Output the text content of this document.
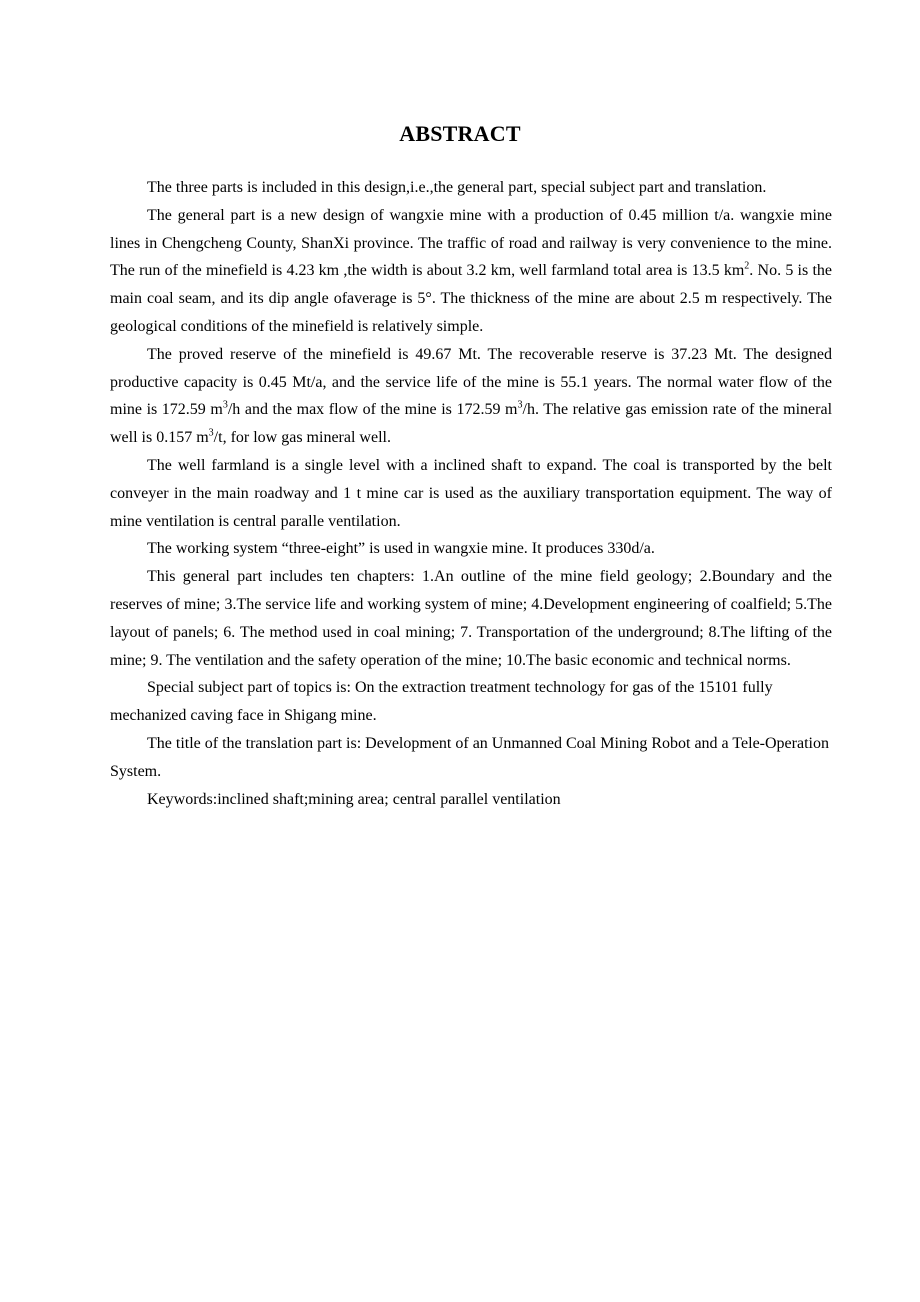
ABSTRACT

The three parts is included in this design,i.e.,the general part, special subject part and translation.

The general part is a new design of wangxie mine with a production of 0.45 million t/a. wangxie mine lines in Chengcheng County, ShanXi province. The traffic of road and railway is very convenience to the mine. The run of the minefield is 4.23 km ,the width is about 3.2 km, well farmland total area is 13.5 $km^2$. No. 5 is the main coal seam, and its dip angle ofaverage is 5°. The thickness of the mine are about 2.5 m respectively. The geological conditions of the minefield is relatively simple.

The proved reserve of the minefield is 49.67 Mt. The recoverable reserve is 37.23 Mt. The designed productive capacity is 0.45 Mt/a, and the service life of the mine is 55.1 years. The normal water flow of the mine is 172.59 $m^3/h$ and the max flow of the mine is 172.59 $m^3/h$. The relative gas emission rate of the mineral well is 0.157 $m^3/t$, for low gas mineral well.

The well farmland is a single level with a inclined shaft to expand. The coal is transported by the belt conveyer in the main roadway and 1 t mine car is used as the auxiliary transportation equipment. The way of mine ventilation is central paralle ventilation.

The working system “three-eight” is used in wangxie mine. It produces 330d/a.

This general part includes ten chapters: 1.An outline of the mine field geology; 2.Boundary and the reserves of mine; 3.The service life and working system of mine; 4.Development engineering of coalfield; 5.The layout of panels; 6. The method used in coal mining; 7. Transportation of the underground; 8.The lifting of the mine; 9. The ventilation and the safety operation of the mine; 10.The basic economic and technical norms.

Special subject part of topics is: On the extraction treatment technology for gas of the 15101 fully mechanized caving face in Shigang mine.

The title of the translation part is: Development of an Unmanned Coal Mining Robot and a Tele-Operation System.

Keywords:inclined shaft;mining area; central parallel ventilation
